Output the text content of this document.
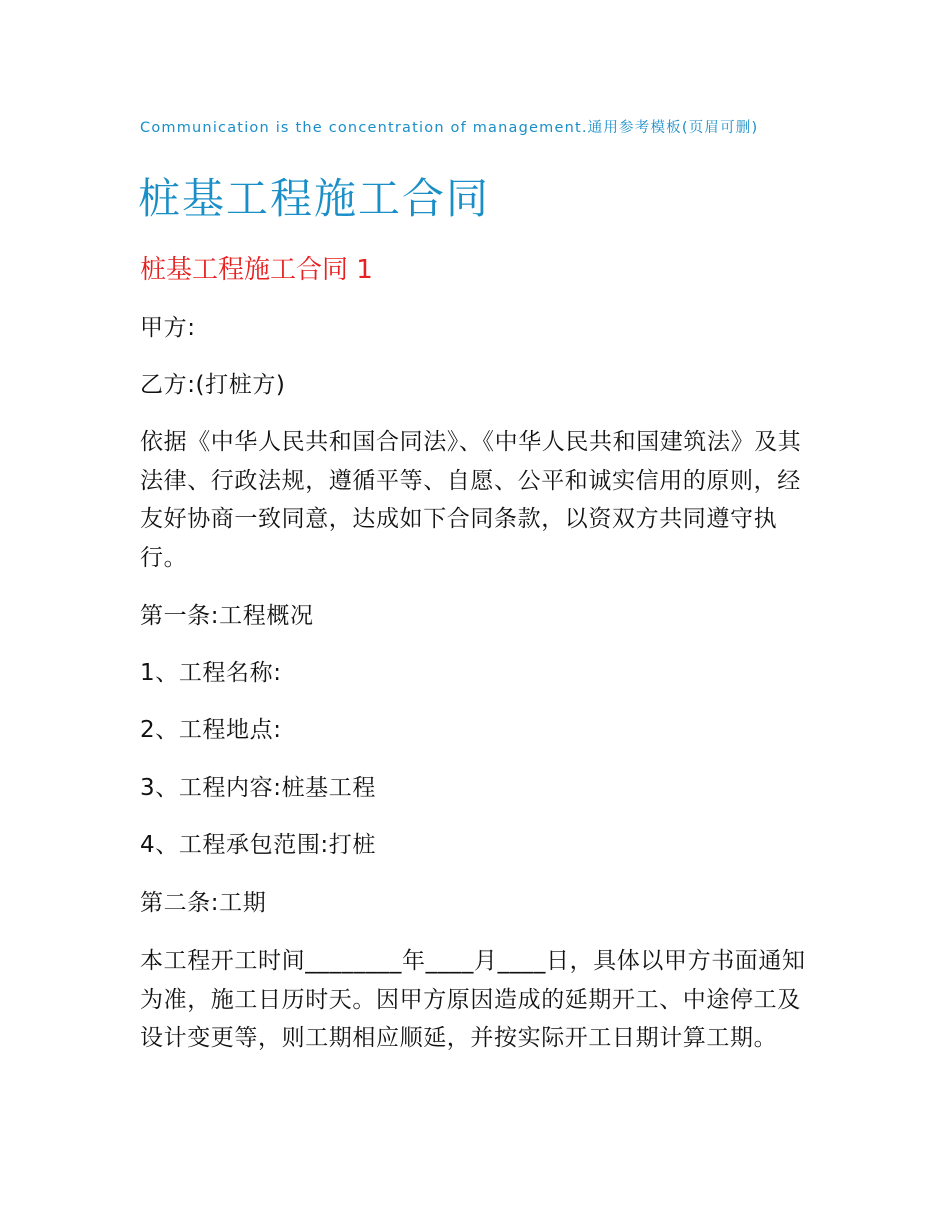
Communication is the concentration of management.通用参考模板(页眉可删)
桩基工程施工合同
桩基工程施工合同 1
甲方:
乙方:(打桩方)
依据《中华人民共和国合同法》、《中华人民共和国建筑法》及其法律、行政法规，遵循平等、自愿、公平和诚实信用的原则，经友好协商一致同意，达成如下合同条款，以资双方共同遵守执行。
第一条:工程概况
1、工程名称:
2、工程地点:
3、工程内容:桩基工程
4、工程承包范围:打桩
第二条:工期
本工程开工时间________年____月____日，具体以甲方书面通知为准，施工日历时天。因甲方原因造成的延期开工、中途停工及设计变更等，则工期相应顺延，并按实际开工日期计算工期。
